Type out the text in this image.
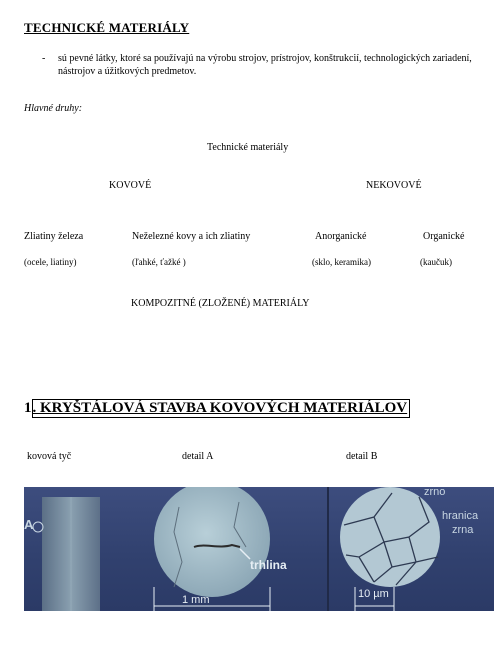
TECHNICKÉ MATERIÁLY
- sú pevné látky, ktoré sa používajú na výrobu strojov, prístrojov, konštrukcií, technologických zariadení, nástrojov a úžitkových predmetov.
Hlavné druhy:
Technické materiály
KOVOVÉ	NEKOVOVÉ
Zliatiny železa	Neželezné kovy a ich zliatiny	Anorganické	Organické
(ocele, liatiny)	(ľahké, ťažké )	(sklo, keramika)	(kaučuk)
KOMPOZITNÉ (ZLOŽENÉ) MATERIÁLY
1. KRYŠTÁLOVÁ STAVBA KOVOVÝCH MATERIÁLOV
kovová tyč	detail A	detail B
A
trhlina
1 mm
zrno
hranica
zrna
10 µm
